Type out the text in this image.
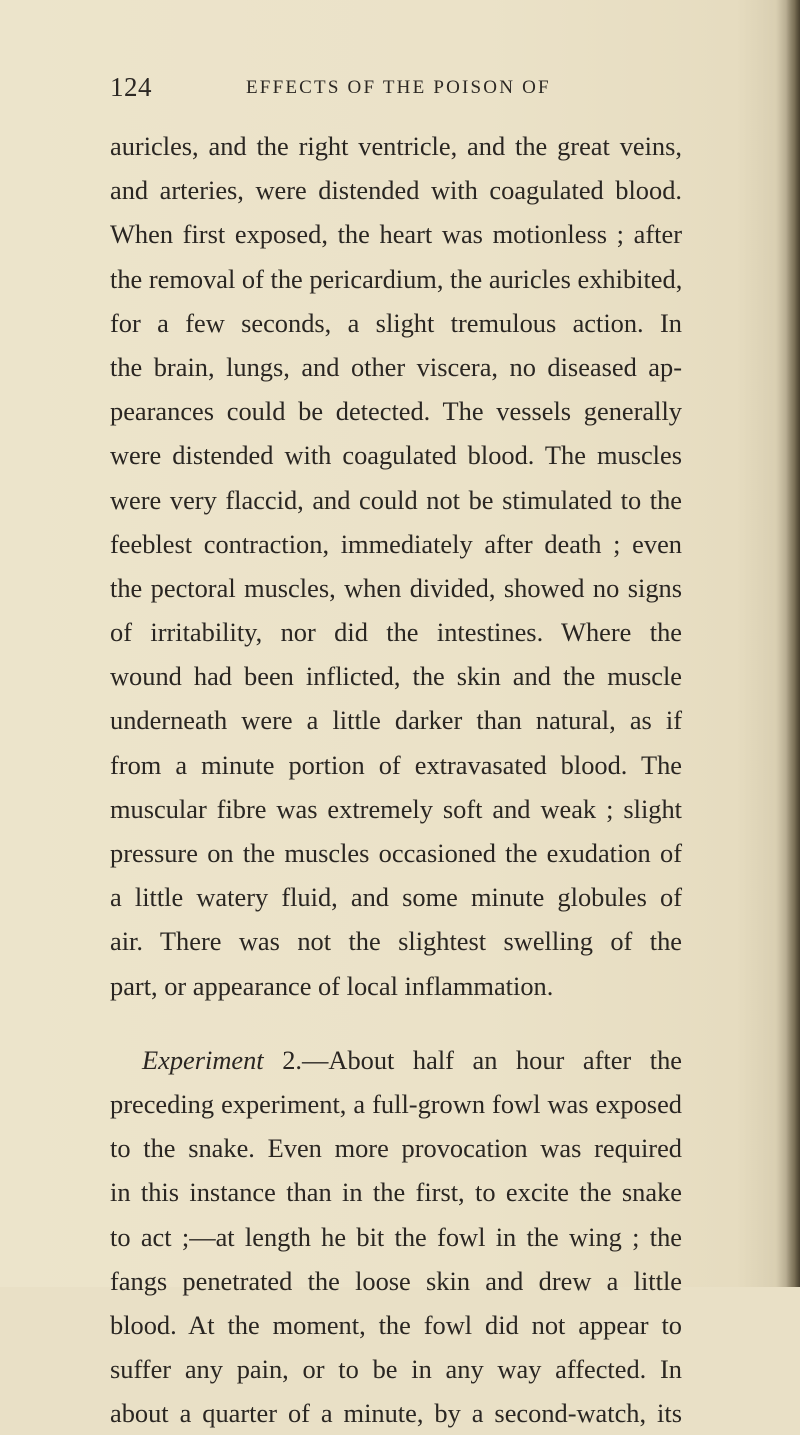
124	EFFECTS OF THE POISON OF
auricles, and the right ventricle, and the great veins,
and arteries, were distended with coagulated blood.
When first exposed, the heart was motionless ; after
the removal of the pericardium, the auricles exhibited,
for a few seconds, a slight tremulous action. In
the brain, lungs, and other viscera, no diseased ap-
pearances could be detected. The vessels generally
were distended with coagulated blood. The muscles
were very flaccid, and could not be stimulated to the
feeblest contraction, immediately after death ; even
the pectoral muscles, when divided, showed no signs
of irritability, nor did the intestines. Where the
wound had been inflicted, the skin and the muscle
underneath were a little darker than natural, as if
from a minute portion of extravasated blood. The
muscular fibre was extremely soft and weak ; slight
pressure on the muscles occasioned the exudation of
a little watery fluid, and some minute globules of
air. There was not the slightest swelling of the
part, or appearance of local inflammation.
Experiment 2.—About half an hour after the
preceding experiment, a full-grown fowl was exposed
to the snake. Even more provocation was required
in this instance than in the first, to excite the snake
to act ;—at length he bit the fowl in the wing ; the
fangs penetrated the loose skin and drew a little
blood. At the moment, the fowl did not appear to
suffer any pain, or to be in any way affected. In
about a quarter of a minute, by a second-watch, its
